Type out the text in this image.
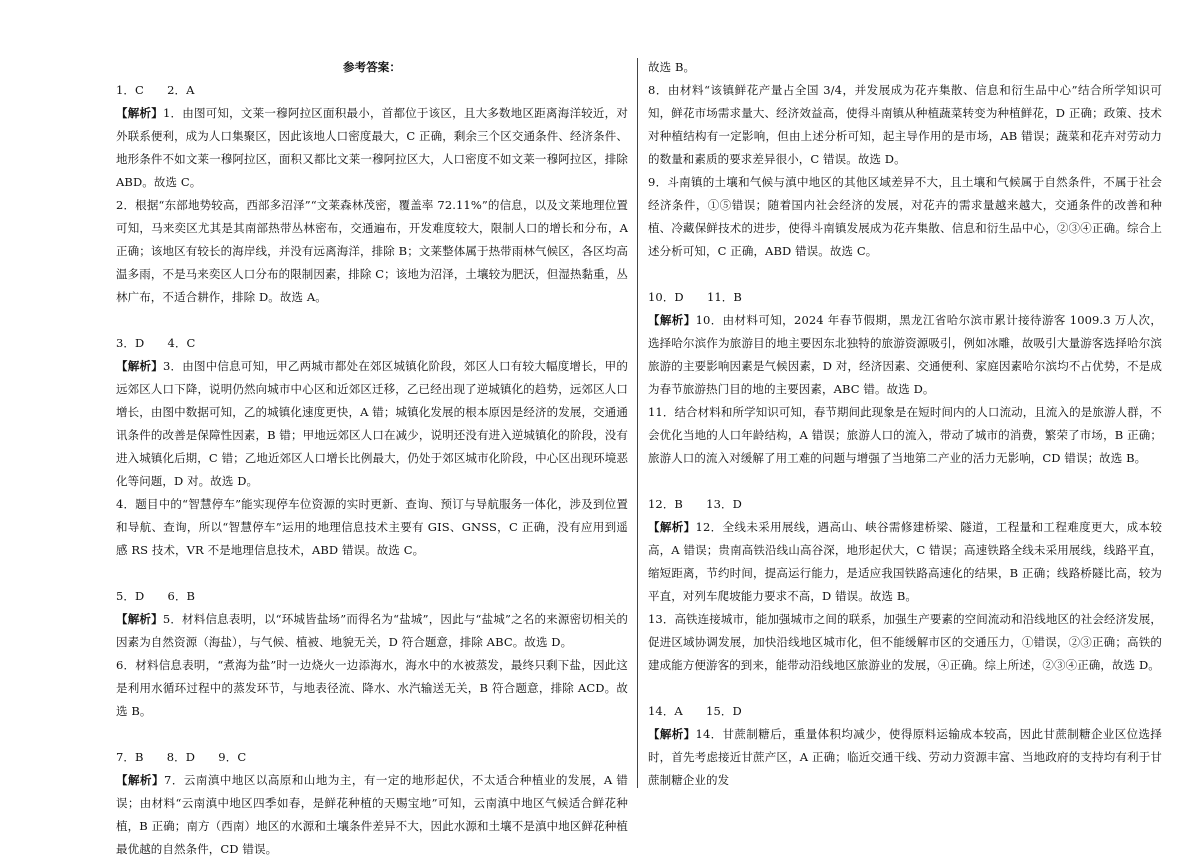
参考答案：

1．C　　2．A

【解析】1．由图可知，文莱一穆阿拉区面积最小，首都位于该区，且大多数地区距离海洋较近，对外联系便利，成为人口集聚区，因此该地人口密度最大，C 正确，剩余三个区交通条件、经济条件、地形条件不如文莱一穆阿拉区，面积又都比文莱一穆阿拉区大，人口密度不如文莱一穆阿拉区，排除 ABD。故选 C。

2．根据“东部地势较高，西部多沼泽”“文莱森林茂密，覆盖率 72.11%”的信息，以及文莱地理位置可知，马来奕区尤其是其南部热带丛林密布，交通遍布，开发难度较大，限制人口的增长和分布，A 正确；该地区有较长的海岸线，并没有远离海洋，排除 B；文莱整体属于热带雨林气候区，各区均高温多雨，不是马来奕区人口分布的限制因素，排除 C；该地为沼泽，土壤较为肥沃，但湿热黏重，丛林广布，不适合耕作，排除 D。故选 A。

3．D　　4．C

【解析】3．由图中信息可知，甲乙两城市都处在郊区城镇化阶段，郊区人口有较大幅度增长，甲的远郊区人口下降，说明仍然向城市中心区和近郊区迁移，乙已经出现了逆城镇化的趋势，远郊区人口增长，由图中数据可知，乙的城镇化速度更快，A 错；城镇化发展的根本原因是经济的发展，交通通讯条件的改善是保障性因素，B 错；甲地远郊区人口在减少，说明还没有进入逆城镇化的阶段，没有进入城镇化后期，C 错；乙地近郊区人口增长比例最大，仍处于郊区城市化阶段，中心区出现环境恶化等问题，D 对。故选 D。

4．题目中的“智慧停车”能实现停车位资源的实时更新、查询、预订与导航服务一体化，涉及到位置和导航、查询，所以“智慧停车”运用的地理信息技术主要有 GIS、GNSS，C 正确，没有应用到遥感 RS 技术，VR 不是地理信息技术，ABD 错误。故选 C。

5．D　　6．B

【解析】5．材料信息表明，以“环城皆盐场”而得名为“盐城”，因此与“盐城”之名的来源密切相关的因素为自然资源（海盐），与气候、植被、地貌无关，D 符合题意，排除 ABC。故选 D。

6．材料信息表明，“煮海为盐”时一边烧火一边添海水，海水中的水被蒸发，最终只剩下盐，因此这是利用水循环过程中的蒸发环节，与地表径流、降水、水汽输送无关，B 符合题意，排除 ACD。故选 B。

7．B　　8．D　　9．C

【解析】7．云南滇中地区以高原和山地为主，有一定的地形起伏，不太适合种植业的发展，A 错误；由材料“云南滇中地区四季如春，是鲜花种植的天赐宝地”可知，云南滇中地区气候适合鲜花种植，B 正确；南方（西南）地区的水源和土壤条件差异不大，因此水源和土壤不是滇中地区鲜花种植最优越的自然条件，CD 错误。

故选 B。

8．由材料“该镇鲜花产量占全国 3/4，并发展成为花卉集散、信息和衍生品中心”结合所学知识可知，鲜花市场需求量大、经济效益高，使得斗南镇从种植蔬菜转变为种植鲜花，D 正确；政策、技术对种植结构有一定影响，但由上述分析可知，起主导作用的是市场，AB 错误；蔬菜和花卉对劳动力的数量和素质的要求差异很小，C 错误。故选 D。

9．斗南镇的土壤和气候与滇中地区的其他区域差异不大，且土壤和气候属于自然条件，不属于社会经济条件，①⑤错误；随着国内社会经济的发展，对花卉的需求量越来越大，交通条件的改善和种植、冷藏保鲜技术的进步，使得斗南镇发展成为花卉集散、信息和衍生品中心，②③④正确。综合上述分析可知，C 正确，ABD 错误。故选 C。

10．D　　11．B

【解析】10．由材料可知，2024 年春节假期，黑龙江省哈尔滨市累计接待游客 1009.3 万人次，选择哈尔滨作为旅游目的地主要因东北独特的旅游资源吸引，例如冰雕，故吸引大量游客选择哈尔滨旅游的主要影响因素是气候因素，D 对，经济因素、交通便利、家庭因素哈尔滨均不占优势，不是成为春节旅游热门目的地的主要因素，ABC 错。故选 D。

11．结合材料和所学知识可知，春节期间此现象是在短时间内的人口流动，且流入的是旅游人群，不会优化当地的人口年龄结构，A 错误；旅游人口的流入，带动了城市的消费，繁荣了市场，B 正确；旅游人口的流入对缓解了用工难的问题与增强了当地第二产业的活力无影响，CD 错误；故选 B。

12．B　　13．D

【解析】12．全线未采用展线，遇高山、峡谷需修建桥梁、隧道，工程量和工程难度更大，成本较高，A 错误；贵南高铁沿线山高谷深，地形起伏大，C 错误；高速铁路全线未采用展线，线路平直，缩短距离，节约时间，提高运行能力，是适应我国铁路高速化的结果，B 正确；线路桥隧比高，较为平直，对列车爬坡能力要求不高，D 错误。故选 B。

13．高铁连接城市，能加强城市之间的联系，加强生产要素的空间流动和沿线地区的社会经济发展，促进区域协调发展，加快沿线地区城市化，但不能缓解市区的交通压力，①错误，②③正确；高铁的建成能方便游客的到来，能带动沿线地区旅游业的发展，④正确。综上所述，②③④正确，故选 D。

14．A　　15．D

【解析】14．甘蔗制糖后，重量体积均减少，使得原料运输成本较高，因此甘蔗制糖企业区位选择时，首先考虑接近甘蔗产区，A 正确；临近交通干线、劳动力资源丰富、当地政府的支持均有利于甘蔗制糖企业的发
